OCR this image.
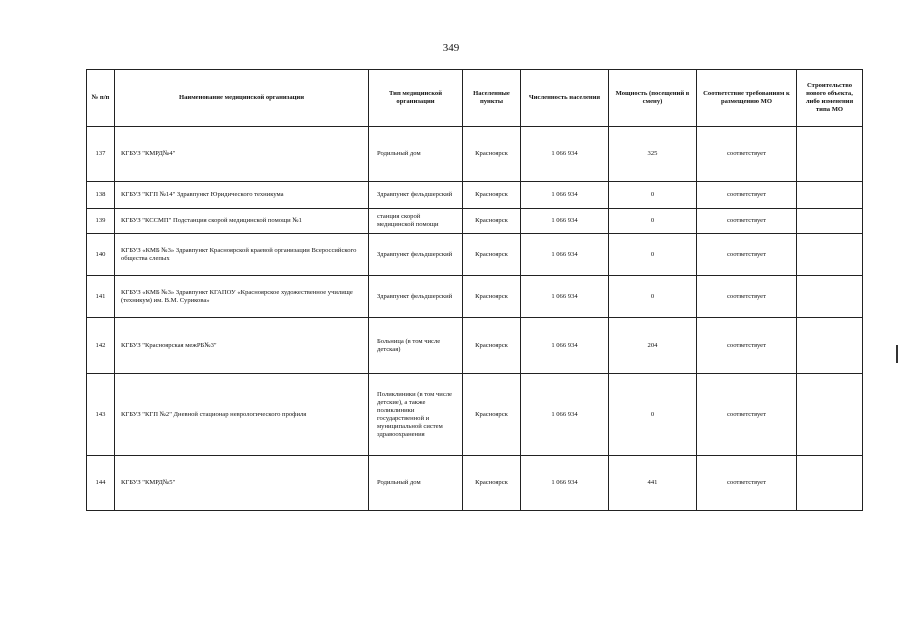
349
№ п/п	Наименование медицинской организации	Тип медицинской организации	Населенные пункты	Численность населения	Мощность (посещений в смену)	Соответствие требованиям к размещению МО	Строительство нового объекта, либо изменения типа МО
137	КГБУЗ "КМРД№4"	Родильный дом	Красноярск	1 066 934	325	соответствует	
138	КГБУЗ "КГП №14" Здравпункт Юридического техникума	Здравпункт фельдшерский	Красноярск	1 066 934	0	соответствует	
139	КГБУЗ "КССМП" Подстанция скорой медицинской помощи №1	станция скорой медицинской помощи	Красноярск	1 066 934	0	соответствует	
140	КГБУЗ «КМБ №3» Здравпункт Красноярской краевой организации Всероссийского общества слепых	Здравпункт фельдшерский	Красноярск	1 066 934	0	соответствует	
141	КГБУЗ «КМБ №3» Здравпункт КГАПОУ «Красноярское художественное училище (техникум) им. В.М. Сурикова»	Здравпункт фельдшерский	Красноярск	1 066 934	0	соответствует	
142	КГБУЗ "Красноярская межРБ№3"	Больница (в том числе детская)	Красноярск	1 066 934	204	соответствует	
143	КГБУЗ "КГП №2" Дневной стационар неврологического профиля	Поликлиники (в том числе детские), а также поликлиники государственной и муниципальной систем здравоохранения	Красноярск	1 066 934	0	соответствует	
144	КГБУЗ "КМРД№5"	Родильный дом	Красноярск	1 066 934	441	соответствует	
